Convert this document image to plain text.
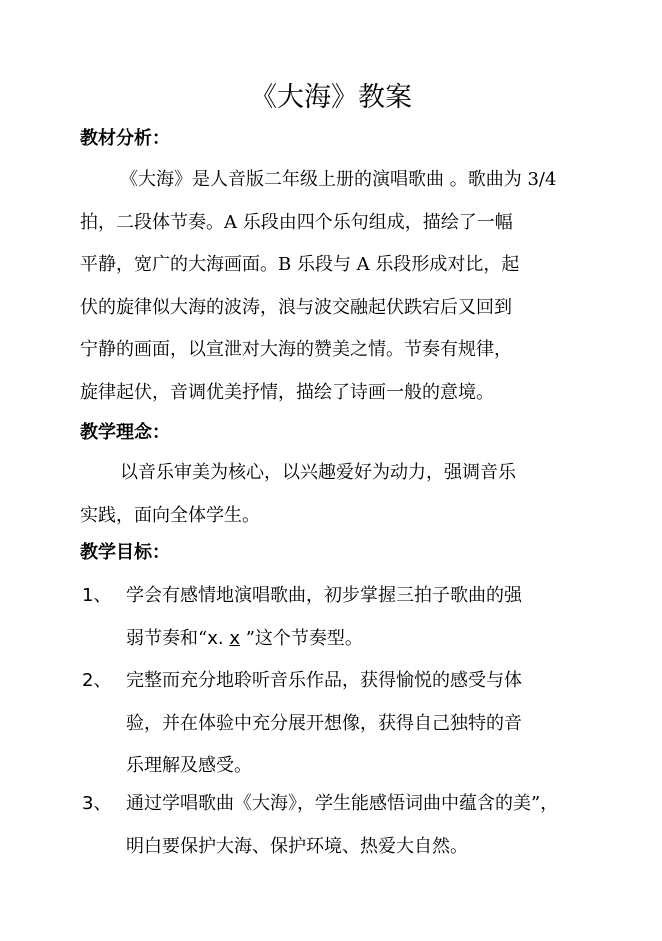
《大海》教案
教材分析：
《大海》是人音版二年级上册的演唱歌曲 。歌曲为 3/4
拍，二段体节奏。A 乐段由四个乐句组成，描绘了一幅
平静，宽广的大海画面。B 乐段与 A 乐段形成对比，起
伏的旋律似大海的波涛，浪与波交融起伏跌宕后又回到
宁静的画面，以宣泄对大海的赞美之情。节奏有规律，
旋律起伏，音调优美抒情，描绘了诗画一般的意境。
教学理念：
以音乐审美为核心，以兴趣爱好为动力，强调音乐
实践，面向全体学生。
教学目标：
1、 学会有感情地演唱歌曲，初步掌握三拍子歌曲的强
弱节奏和“x. x ”这个节奏型。
2、 完整而充分地聆听音乐作品，获得愉悦的感受与体
验，并在体验中充分展开想像，获得自己独特的音
乐理解及感受。
3、 通过学唱歌曲《大海》，学生能感悟词曲中蕴含的美”，
明白要保护大海、保护环境、热爱大自然。
